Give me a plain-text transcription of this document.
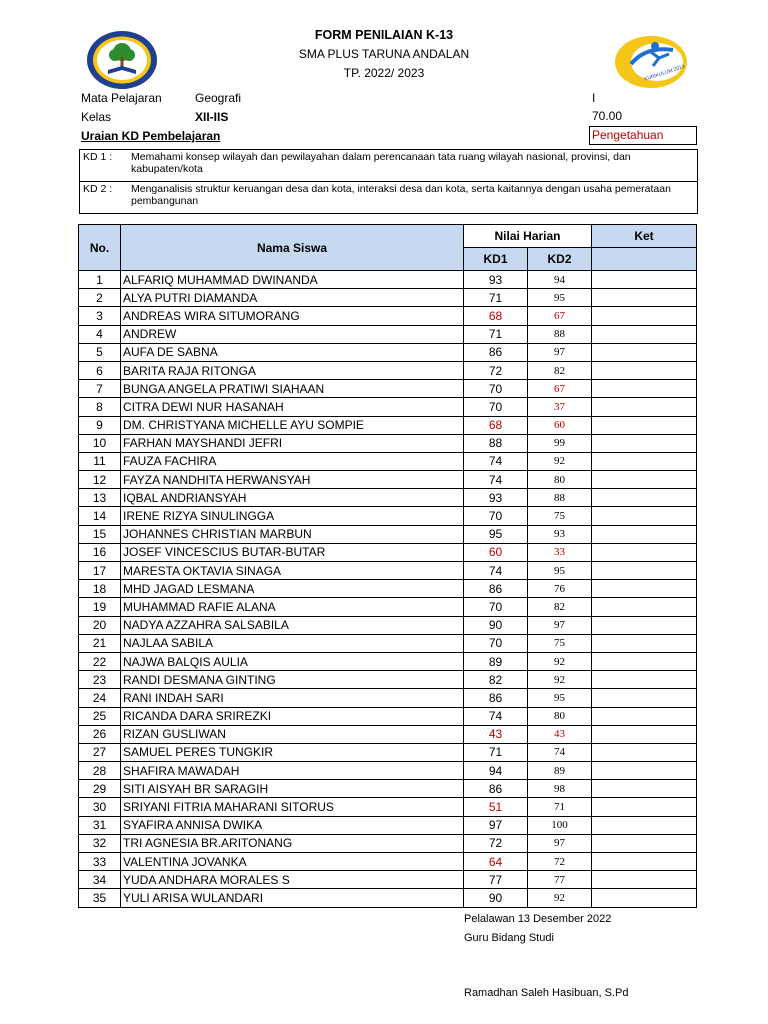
KURIKULUM 2013
FORM PENILAIAN K-13
SMA PLUS TARUNA ANDALAN
TP. 2022/ 2023
Mata Pelajaran	Geografi	I
Kelas	XII-IIS	70.00
Uraian KD Pembelajaran	Pengetahuan
KD 1 :	Memahami konsep wilayah dan pewilayahan dalam perencanaan tata ruang wilayah nasional, provinsi, dan kabupaten/kota
KD 2 :	Menganalisis struktur keruangan desa dan kota, interaksi desa dan kota, serta kaitannya dengan usaha pemerataan pembangunan
No.	Nama Siswa	Nilai Harian		Ket
		KD1	KD2	
1	ALFARIQ MUHAMMAD DWINANDA	93	94	
2	ALYA PUTRI DIAMANDA	71	95	
3	ANDREAS WIRA SITUMORANG	68	67	
4	ANDREW	71	88	
5	AUFA DE SABNA	86	97	
6	BARITA RAJA RITONGA	72	82	
7	BUNGA ANGELA PRATIWI SIAHAAN	70	67	
8	CITRA DEWI NUR HASANAH	70	37	
9	DM. CHRISTYANA MICHELLE AYU SOMPIE	68	60	
10	FARHAN MAYSHANDI JEFRI	88	99	
11	FAUZA FACHIRA	74	92	
12	FAYZA NANDHITA HERWANSYAH	74	80	
13	IQBAL ANDRIANSYAH	93	88	
14	IRENE RIZYA SINULINGGA	70	75	
15	JOHANNES CHRISTIAN MARBUN	95	93	
16	JOSEF VINCESCIUS BUTAR-BUTAR	60	33	
17	MARESTA OKTAVIA SINAGA	74	95	
18	MHD JAGAD LESMANA	86	76	
19	MUHAMMAD RAFIE ALANA	70	82	
20	NADYA AZZAHRA SALSABILA	90	97	
21	NAJLAA SABILA	70	75	
22	NAJWA BALQIS AULIA	89	92	
23	RANDI DESMANA GINTING	82	92	
24	RANI INDAH SARI	86	95	
25	RICANDA DARA SRIREZKI	74	80	
26	RIZAN GUSLIWAN	43	43	
27	SAMUEL PERES TUNGKIR	71	74	
28	SHAFIRA MAWADAH	94	89	
29	SITI AISYAH BR SARAGIH	86	98	
30	SRIYANI FITRIA MAHARANI SITORUS	51	71	
31	SYAFIRA ANNISA DWIKA	97	100	
32	TRI AGNESIA BR.ARITONANG	72	97	
33	VALENTINA JOVANKA	64	72	
34	YUDA ANDHARA MORALES S	77	77	
35	YULI ARISA WULANDARI	90	92	
Pelalawan 13 Desember 2022
Guru Bidang Studi
Ramadhan Saleh Hasibuan, S.Pd
